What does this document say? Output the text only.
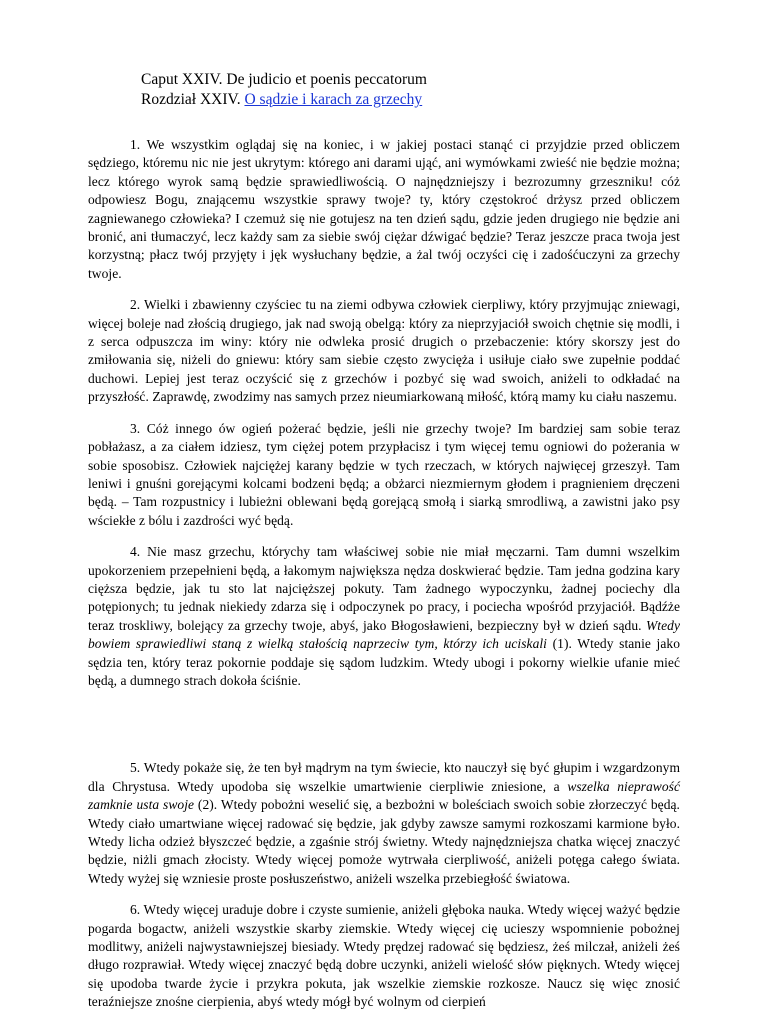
Caput XXIV. De judicio et poenis peccatorum
Rozdział XXIV. O sądzie i karach za grzechy

1. We wszystkim oglądaj się na koniec, i w jakiej postaci stanąć ci przyjdzie przed obliczem sędziego, któremu nic nie jest ukrytym: którego ani darami ująć, ani wymówkami zwieść nie będzie można; lecz którego wyrok samą będzie sprawiedliwością. O najnędzniejszy i bezrozumny grzeszniku! cóż odpowiesz Bogu, znającemu wszystkie sprawy twoje? ty, który częstokroć drżysz przed obliczem zagniewanego człowieka? I czemuż się nie gotujesz na ten dzień sądu, gdzie jeden drugiego nie będzie ani bronić, ani tłumaczyć, lecz każdy sam za siebie swój ciężar dźwigać będzie? Teraz jeszcze praca twoja jest korzystną; płacz twój przyjęty i jęk wysłuchany będzie, a żal twój oczyści cię i zadośćuczyni za grzechy twoje.

2. Wielki i zbawienny czyściec tu na ziemi odbywa człowiek cierpliwy, który przyjmując zniewagi, więcej boleje nad złością drugiego, jak nad swoją obelgą: który za nieprzyjaciół swoich chętnie się modli, i z serca odpuszcza im winy: który nie odwleka prosić drugich o przebaczenie: który skorszy jest do zmiłowania się, niżeli do gniewu: który sam siebie często zwycięża i usiłuje ciało swe zupełnie poddać duchowi. Lepiej jest teraz oczyścić się z grzechów i pozbyć się wad swoich, aniżeli to odkładać na przyszłość. Zaprawdę, zwodzimy nas samych przez nieumiarkowaną miłość, którą mamy ku ciału naszemu.

3. Cóż innego ów ogień pożerać będzie, jeśli nie grzechy twoje? Im bardziej sam sobie teraz pobłażasz, a za ciałem idziesz, tym ciężej potem przypłacisz i tym więcej temu ogniowi do pożerania w sobie sposobisz. Człowiek najciężej karany będzie w tych rzeczach, w których najwięcej grzeszył. Tam leniwi i gnuśni gorejącymi kolcami bodzeni będą; a obżarci niezmiernym głodem i pragnieniem dręczeni będą. – Tam rozpustnicy i lubieżni oblewani będą gorejącą smołą i siarką smrodliwą, a zawistni jako psy wściekłe z bólu i zazdrości wyć będą.

4. Nie masz grzechu, którychy tam właściwej sobie nie miał męczarni. Tam dumni wszelkim upokorzeniem przepełnieni będą, a łakomym największa nędza doskwierać będzie. Tam jedna godzina kary cięższa będzie, jak tu sto lat najcięższej pokuty. Tam żadnego wypoczynku, żadnej pociechy dla potępionych; tu jednak niekiedy zdarza się i odpoczynek po pracy, i pociecha wpośród przyjaciół. Bądźże teraz troskliwy, bolejący za grzechy twoje, abyś, jako Błogosławieni, bezpieczny był w dzień sądu. Wtedy bowiem sprawiedliwi staną z wielką stałością naprzeciw tym, którzy ich uciskali (1). Wtedy stanie jako sędzia ten, który teraz pokornie poddaje się sądom ludzkim. Wtedy ubogi i pokorny wielkie ufanie mieć będą, a dumnego strach dokoła ściśnie.

5. Wtedy pokaże się, że ten był mądrym na tym świecie, kto nauczył się być głupim i wzgardzonym dla Chrystusa. Wtedy upodoba się wszelkie umartwienie cierpliwie zniesione, a wszelka nieprawość zamknie usta swoje (2). Wtedy pobożni weselić się, a bezbożni w boleściach swoich sobie złorzeczyć będą. Wtedy ciało umartwiane więcej radować się będzie, jak gdyby zawsze samymi rozkoszami karmione było. Wtedy licha odzież błyszczeć będzie, a zgaśnie strój świetny. Wtedy najnędzniejsza chatka więcej znaczyć będzie, niżli gmach złocisty. Wtedy więcej pomoże wytrwała cierpliwość, aniżeli potęga całego świata. Wtedy wyżej się wzniesie proste posłuszeństwo, aniżeli wszelka przebiegłość światowa.

6. Wtedy więcej uraduje dobre i czyste sumienie, aniżeli głęboka nauka. Wtedy więcej ważyć będzie pogarda bogactw, aniżeli wszystkie skarby ziemskie. Wtedy więcej cię ucieszy wspomnienie pobożnej modlitwy, aniżeli najwystawniejszej biesiady. Wtedy prędzej radować się będziesz, żeś milczał, aniżeli żeś długo rozprawiał. Wtedy więcej znaczyć będą dobre uczynki, aniżeli wielość słów pięknych. Wtedy więcej się upodoba twarde życie i przykra pokuta, jak wszelkie ziemskie rozkosze. Naucz się więc znosić teraźniejsze znośne cierpienia, abyś wtedy mógł być wolnym od cierpień
